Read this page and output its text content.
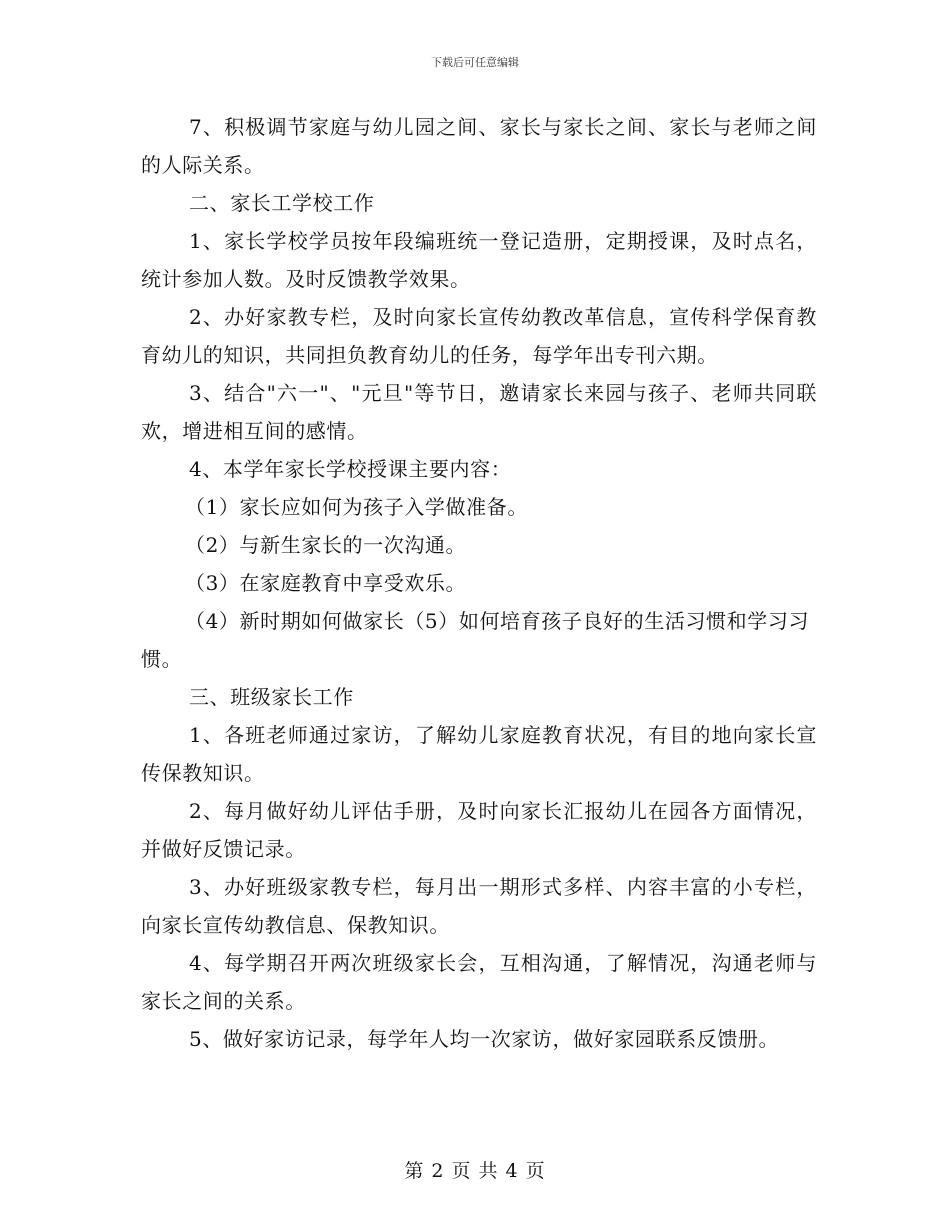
下载后可任意编辑

7、积极调节家庭与幼儿园之间、家长与家长之间、家长与老师之间的人际关系。

二、家长工学校工作

1、家长学校学员按年段编班统一登记造册，定期授课，及时点名，统计参加人数。及时反馈教学效果。

2、办好家教专栏，及时向家长宣传幼教改革信息，宣传科学保育教育幼儿的知识，共同担负教育幼儿的任务，每学年出专刊六期。

3、结合"六一"、"元旦"等节日，邀请家长来园与孩子、老师共同联欢，增进相互间的感情。

4、本学年家长学校授课主要内容：

（1）家长应如何为孩子入学做准备。

（2）与新生家长的一次沟通。

（3）在家庭教育中享受欢乐。

（4）新时期如何做家长（5）如何培育孩子良好的生活习惯和学习习惯。

三、班级家长工作

1、各班老师通过家访，了解幼儿家庭教育状况，有目的地向家长宣传保教知识。

2、每月做好幼儿评估手册，及时向家长汇报幼儿在园各方面情况，并做好反馈记录。

3、办好班级家教专栏，每月出一期形式多样、内容丰富的小专栏，向家长宣传幼教信息、保教知识。

4、每学期召开两次班级家长会，互相沟通，了解情况，沟通老师与家长之间的关系。

5、做好家访记录，每学年人均一次家访，做好家园联系反馈册。

第 2 页 共 4 页
